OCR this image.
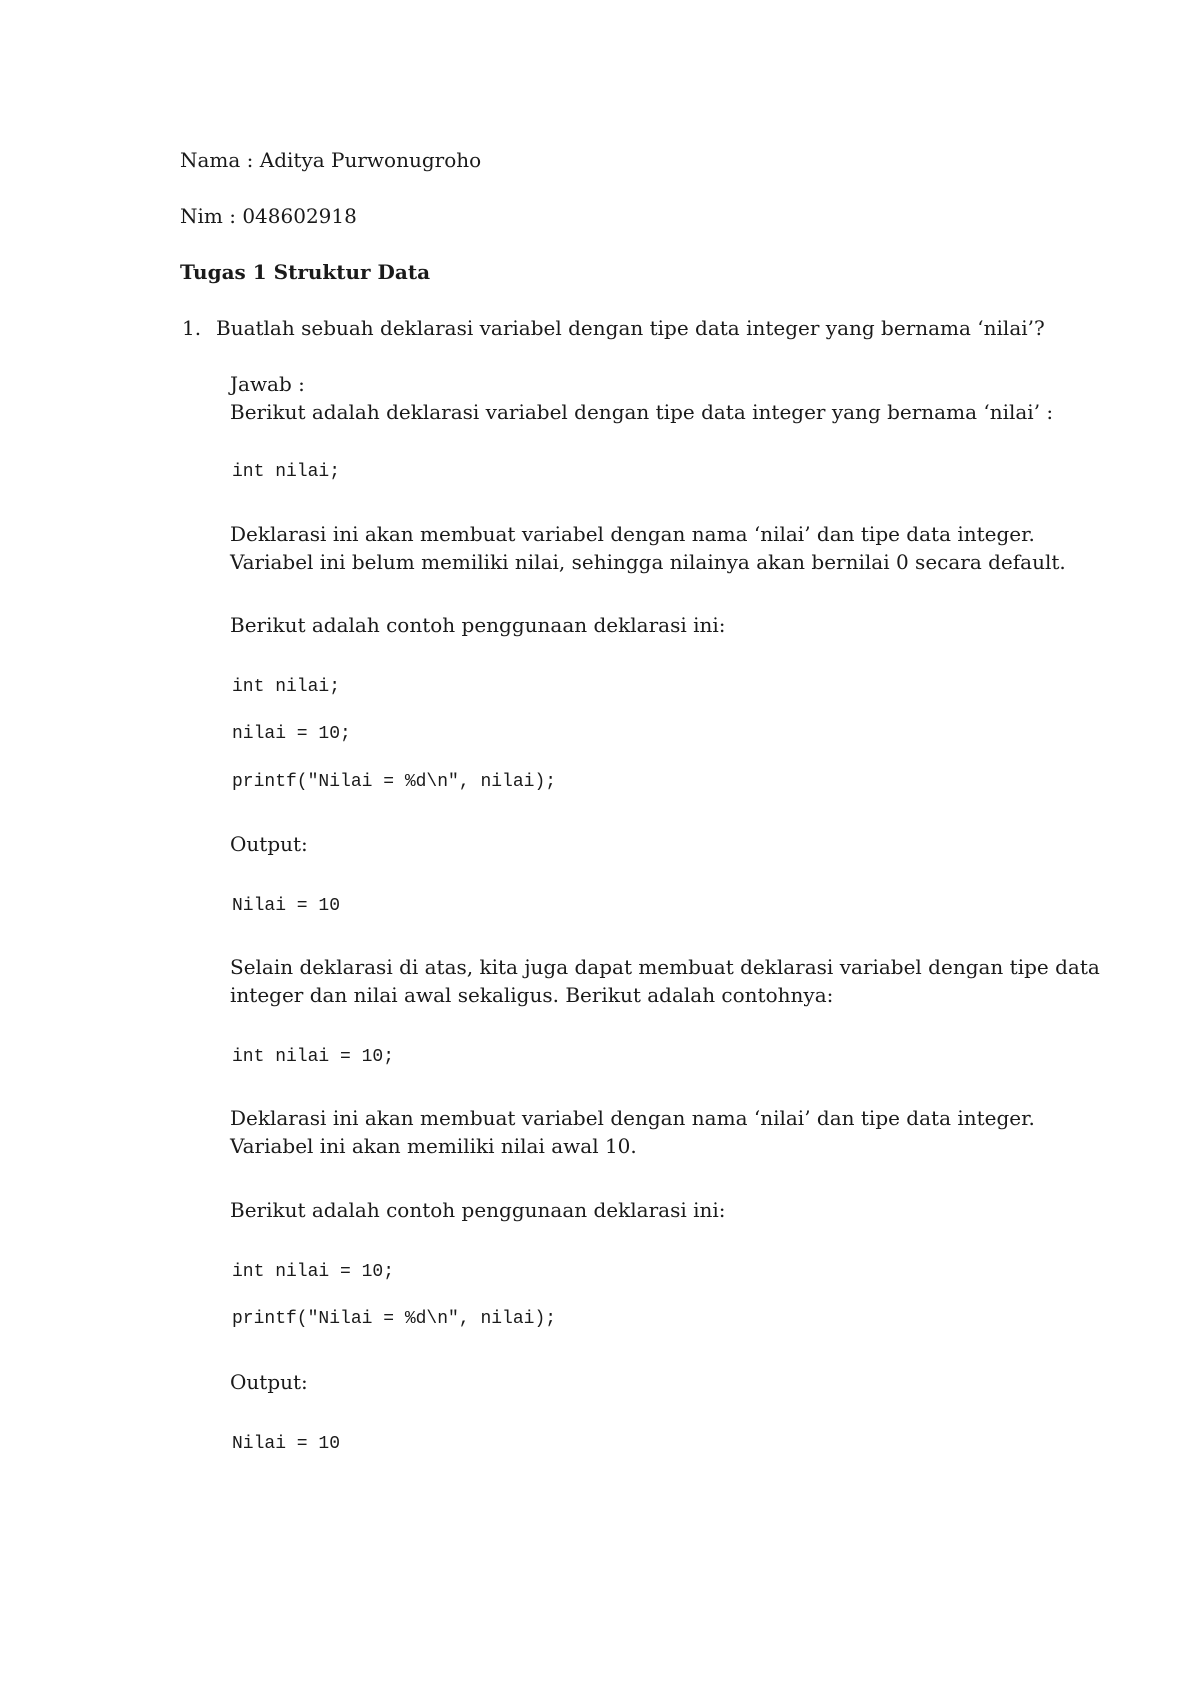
Nama : Aditya Purwonugroho
Nim : 048602918
Tugas 1 Struktur Data
1. Buatlah sebuah deklarasi variabel dengan tipe data integer yang bernama ‘nilai’?
Jawab :
Berikut adalah deklarasi variabel dengan tipe data integer yang bernama ‘nilai’ :
int nilai;
Deklarasi ini akan membuat variabel dengan nama ‘nilai’ dan tipe data integer.
Variabel ini belum memiliki nilai, sehingga nilainya akan bernilai 0 secara default.
Berikut adalah contoh penggunaan deklarasi ini:
int nilai;
nilai = 10;
printf("Nilai = %d\n", nilai);
Output:
Nilai = 10
Selain deklarasi di atas, kita juga dapat membuat deklarasi variabel dengan tipe data
integer dan nilai awal sekaligus. Berikut adalah contohnya:
int nilai = 10;
Deklarasi ini akan membuat variabel dengan nama ‘nilai’ dan tipe data integer.
Variabel ini akan memiliki nilai awal 10.
Berikut adalah contoh penggunaan deklarasi ini:
int nilai = 10;
printf("Nilai = %d\n", nilai);
Output:
Nilai = 10
